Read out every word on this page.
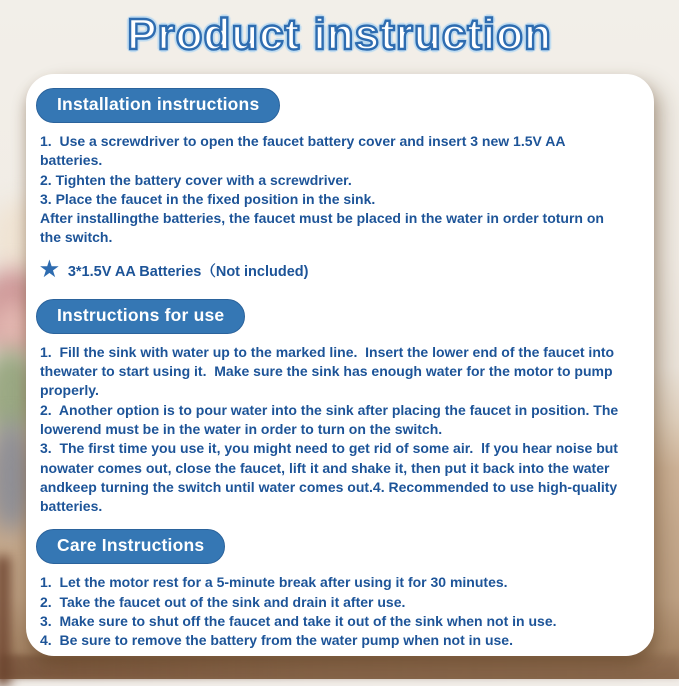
Product instruction
Installation instructions

1.  Use a screwdriver to open the faucet battery cover and insert 3 new 1.5V AA batteries.

2. Tighten the battery cover with a screwdriver.

3. Place the faucet in the fixed position in the sink.

After installingthe batteries, the faucet must be placed in the water in order toturn on the switch.

★ 3*1.5V AA Batteries（Not included)
Instructions for use

1.  Fill the sink with water up to the marked line.  Insert the lower end of the faucet into thewater to start using it.  Make sure the sink has enough water for the motor to pump properly.

2.  Another option is to pour water into the sink after placing the faucet in position. The lowerend must be in the water in order to turn on the switch.

3.  The first time you use it, you might need to get rid of some air.  lf you hear noise but nowater comes out, close the faucet, lift it and shake it, then put it back into the water andkeep turning the switch until water comes out.4. Recommended to use high-quality batteries.

Care Instructions

1.  Let the motor rest for a 5-minute break after using it for 30 minutes.

2.  Take the faucet out of the sink and drain it after use.

3.  Make sure to shut off the faucet and take it out of the sink when not in use.

4.  Be sure to remove the battery from the water pump when not in use.
